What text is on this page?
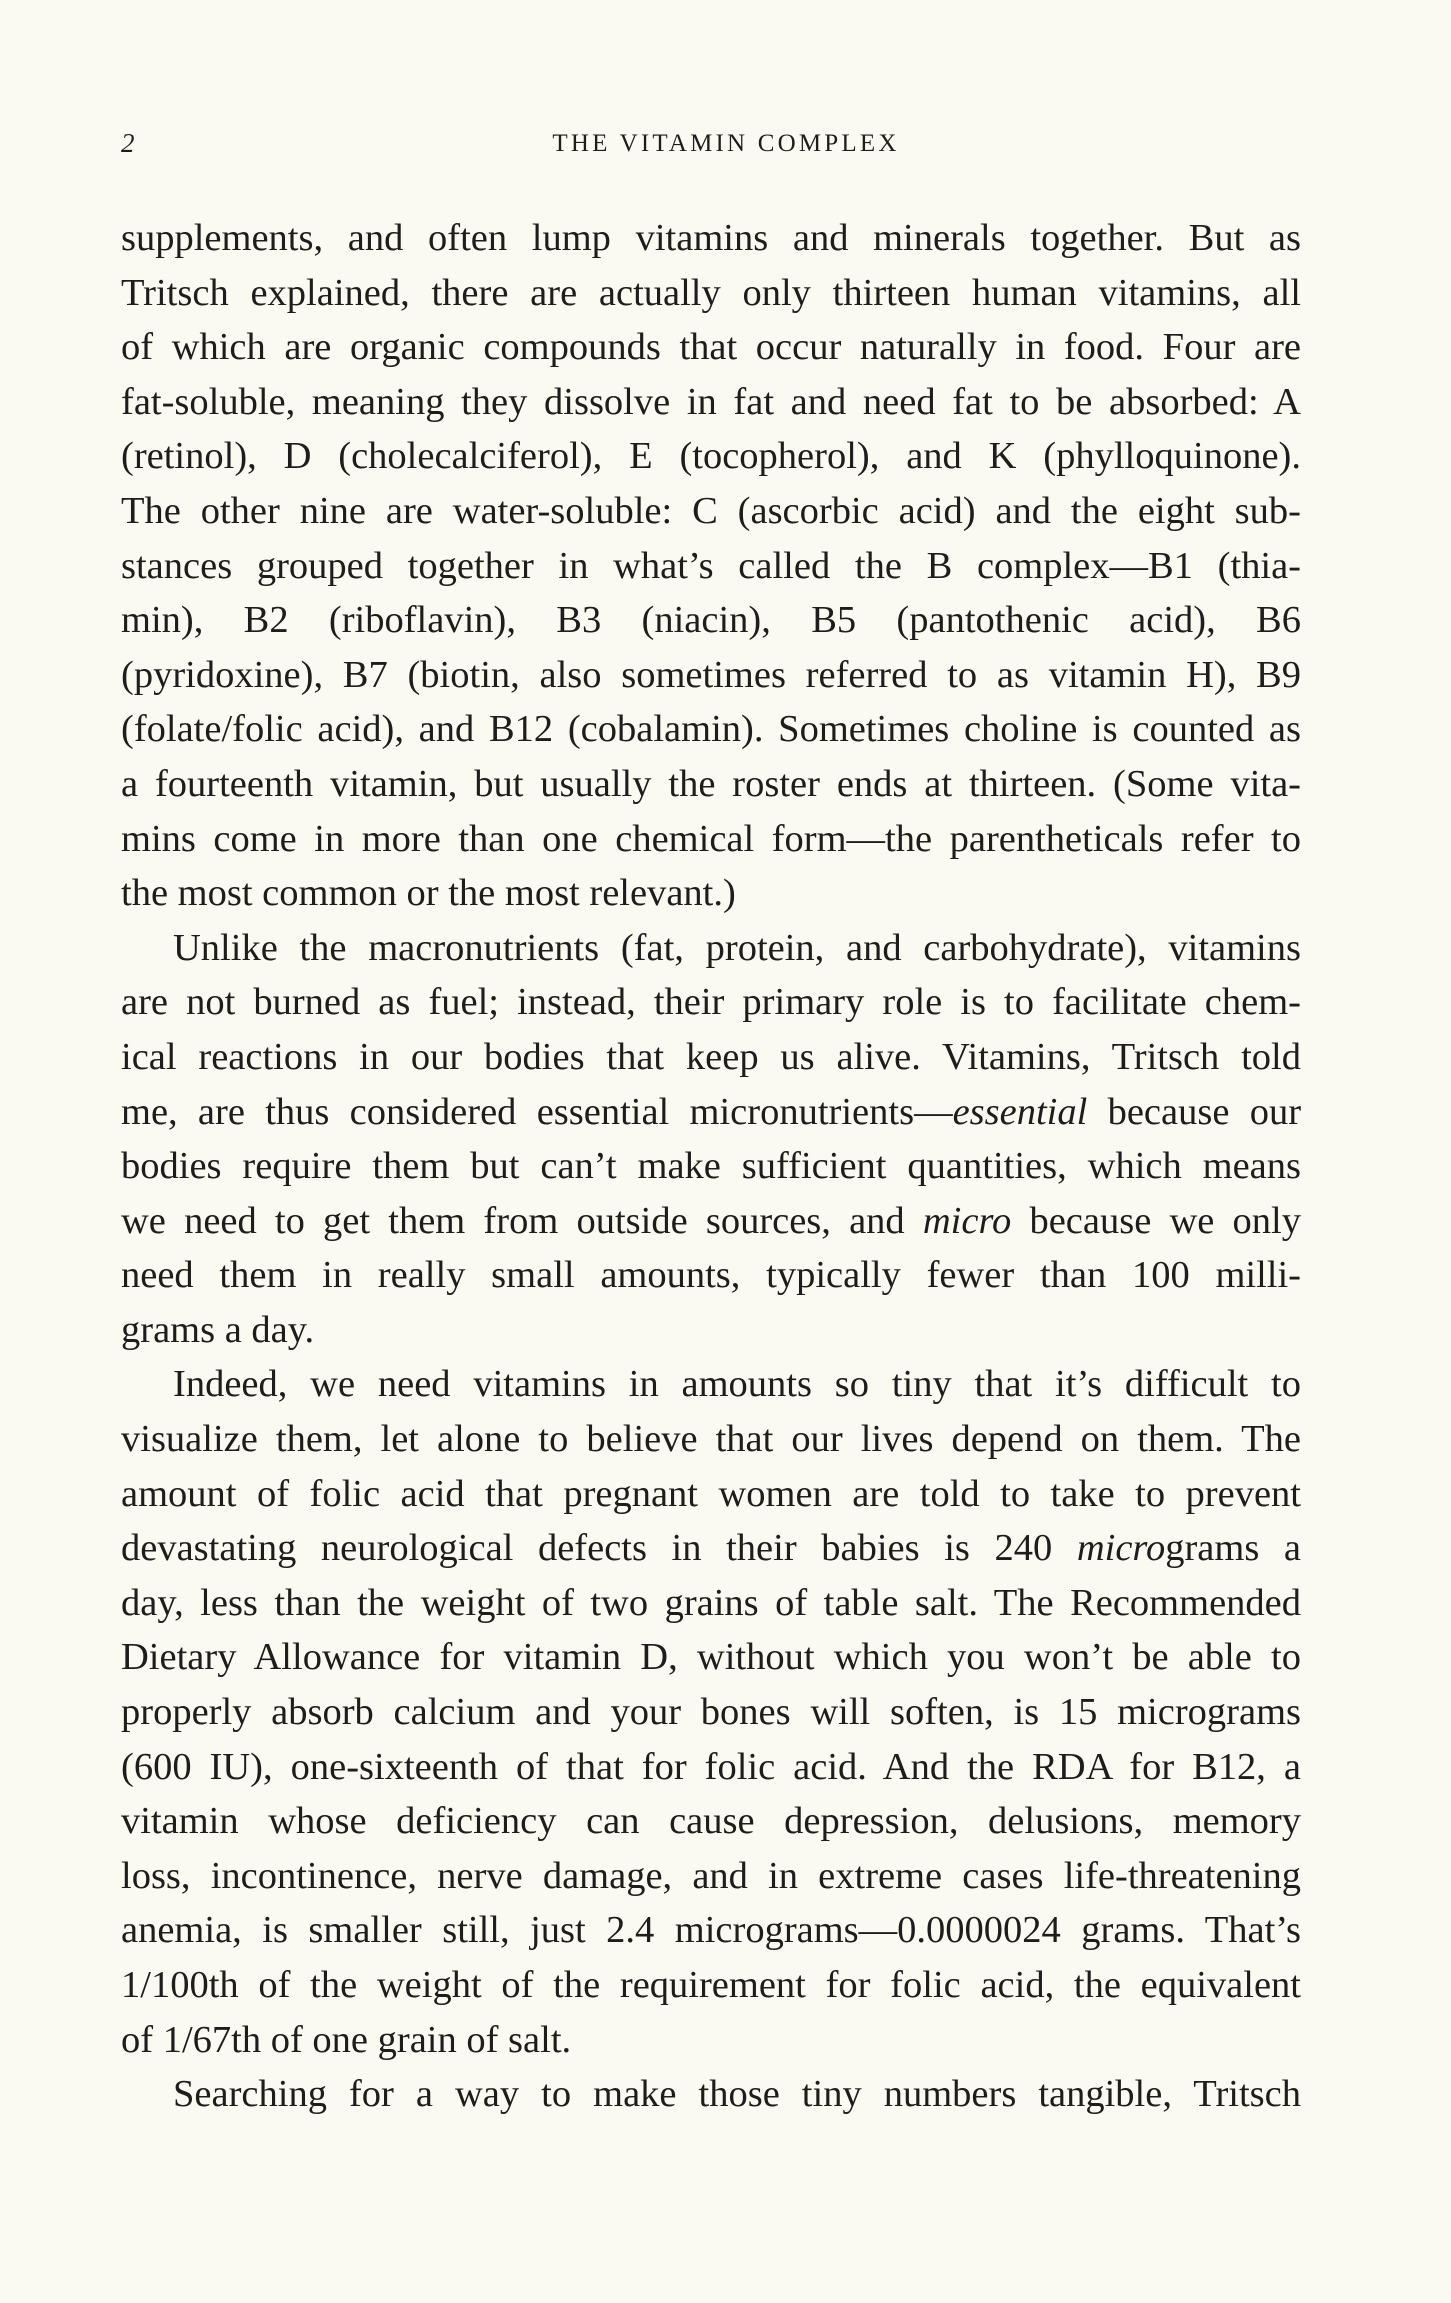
2	THE VITAMIN COMPLEX

supplements, and often lump vitamins and minerals together. But as
Tritsch explained, there are actually only thirteen human vitamins, all
of which are organic compounds that occur naturally in food. Four are
fat-soluble, meaning they dissolve in fat and need fat to be absorbed: A
(retinol), D (cholecalciferol), E (tocopherol), and K (phylloquinone).
The other nine are water-soluble: C (ascorbic acid) and the eight sub-
stances grouped together in what’s called the B complex—B1 (thia-
min), B2 (riboflavin), B3 (niacin), B5 (pantothenic acid), B6
(pyridoxine), B7 (biotin, also sometimes referred to as vitamin H), B9
(folate/folic acid), and B12 (cobalamin). Sometimes choline is counted as
a fourteenth vitamin, but usually the roster ends at thirteen. (Some vita-
mins come in more than one chemical form—the parentheticals refer to
the most common or the most relevant.)

Unlike the macronutrients (fat, protein, and carbohydrate), vitamins
are not burned as fuel; instead, their primary role is to facilitate chem-
ical reactions in our bodies that keep us alive. Vitamins, Tritsch told
me, are thus considered essential micronutrients—essential because our
bodies require them but can’t make sufficient quantities, which means
we need to get them from outside sources, and micro because we only
need them in really small amounts, typically fewer than 100 milli-
grams a day.

Indeed, we need vitamins in amounts so tiny that it’s difficult to
visualize them, let alone to believe that our lives depend on them. The
amount of folic acid that pregnant women are told to take to prevent
devastating neurological defects in their babies is 240 micrograms a
day, less than the weight of two grains of table salt. The Recommended
Dietary Allowance for vitamin D, without which you won’t be able to
properly absorb calcium and your bones will soften, is 15 micrograms
(600 IU), one-sixteenth of that for folic acid. And the RDA for B12, a
vitamin whose deficiency can cause depression, delusions, memory
loss, incontinence, nerve damage, and in extreme cases life-threatening
anemia, is smaller still, just 2.4 micrograms—0.0000024 grams. That’s
1/100th of the weight of the requirement for folic acid, the equivalent
of 1/67th of one grain of salt.

Searching for a way to make those tiny numbers tangible, Tritsch
